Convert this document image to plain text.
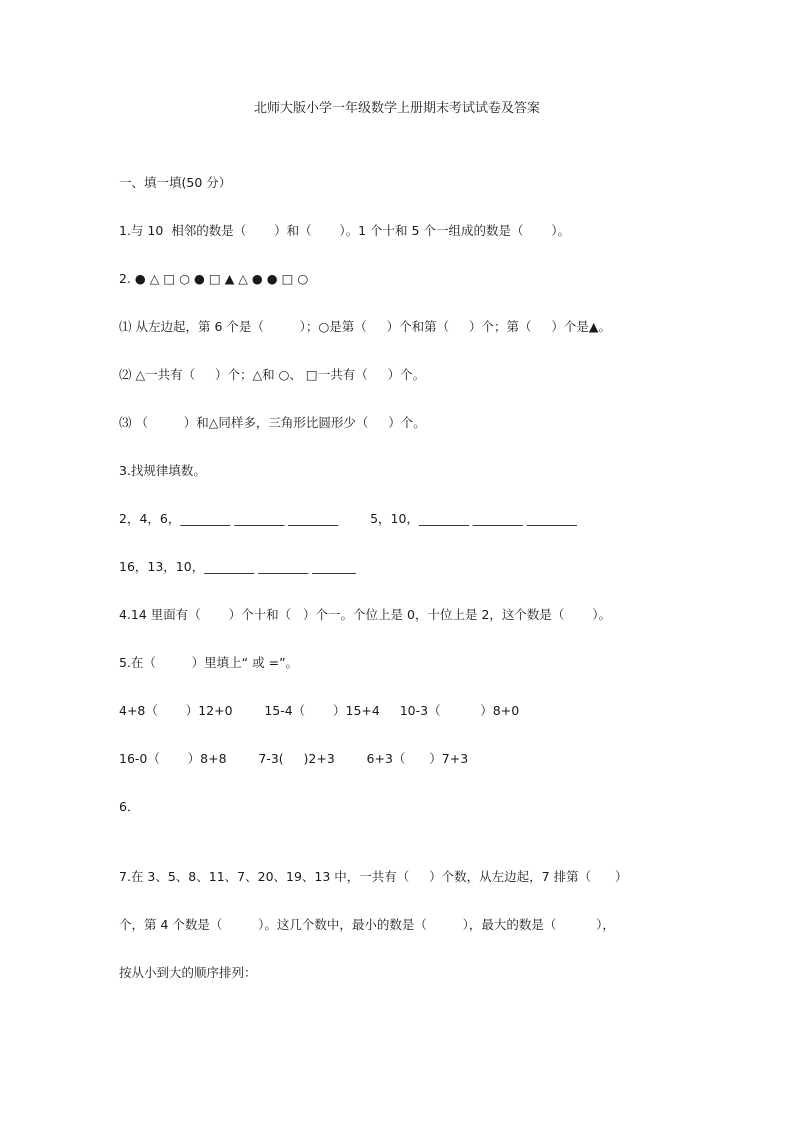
北师大版小学一年级数学上册期末考试试卷及答案
一、填一填(50 分）
1.与 10  相邻的数是（       ）和（       ）。1 个十和 5 个一组成的数是（       ）。
2. ● △ □ ○ ● □ ▲ △ ● ● □ ○
⑴ 从左边起，第 6 个是（         ）；○是第（     ）个和第（     ）个；第（     ）个是▲。
⑵ △一共有（     ）个；△和 ○、 □一共有（     ）个。
⑶ （         ）和△同样多，三角形比圆形少（     ）个。
3.找规律填数。
2，4，6，________ ________ ________        5，10，________ ________ ________
16，13，10，________ ________ _______
4.14 里面有（       ）个十和（   ）个一。个位上是 0，十位上是 2，这个数是（       ）。
5.在（         ）里填上“ 或 =”。
4+8（       ）12+0        15-4（       ）15+4     10-3（          ）8+0
16-0（       ）8+8        7-3(     )2+3        6+3（      ）7+3
6．
7.在 3、5、8、11、7、20、19、13 中，一共有（     ）个数，从左边起，7 排第（      ）
个，第 4 个数是（         ）。这几个数中，最小的数是（         ），最大的数是（          ），
按从小到大的顺序排列：
